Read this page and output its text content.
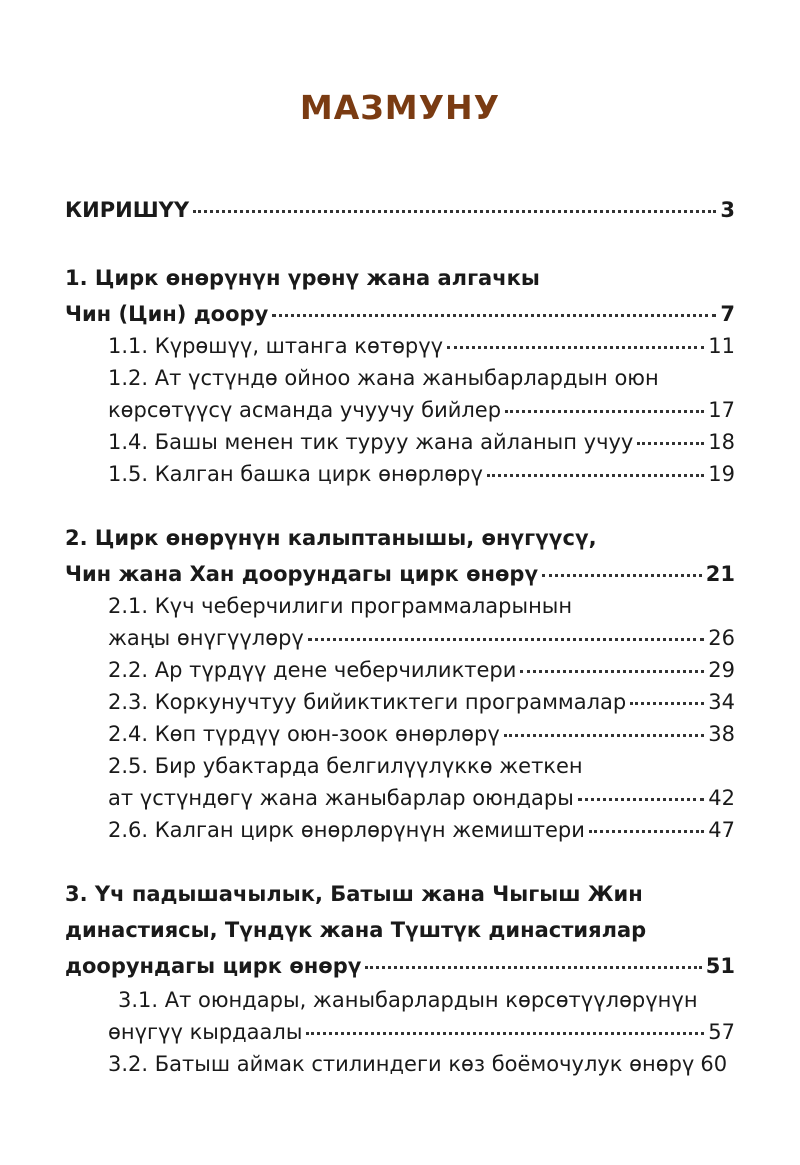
МАЗМУНУ
КИРИШҮҮ	3
1. Цирк өнөрүнүн үрөнү жана алгачкы
Чин (Цин) доору	7
1.1. Күрөшүү, штанга көтөрүү	11
1.2. Ат үстүндө ойноо жана жаныбарлардын оюн
көрсөтүүсү асманда учуучу бийлер	17
1.4. Башы менен тик туруу жана айланып учуу	18
1.5. Калган башка цирк өнөрлөрү	19
2. Цирк өнөрүнүн калыптанышы, өнүгүүсү,
Чин жана Хан доорундагы цирк өнөрү	21
2.1. Күч чеберчилиги программаларынын
жаңы өнүгүүлөрү	26
2.2. Ар түрдүү дене чеберчиликтери	29
2.3. Коркунучтуу бийиктиктеги программалар	34
2.4. Көп түрдүү оюн-зоок өнөрлөрү	38
2.5. Бир убактарда белгилүүлүккө жеткен
ат үстүндөгү жана жаныбарлар оюндары	42
2.6. Калган цирк өнөрлөрүнүн жемиштери	47
3. Үч падышачылык, Батыш жана Чыгыш Жин
династиясы, Түндүк жана Түштүк династиялар
доорундагы цирк өнөрү	51
3.1. Ат оюндары, жаныбарлардын көрсөтүүлөрүнүн
өнүгүү кырдаалы	57
3.2. Батыш аймак стилиндеги көз боёмочулук өнөрү 60
